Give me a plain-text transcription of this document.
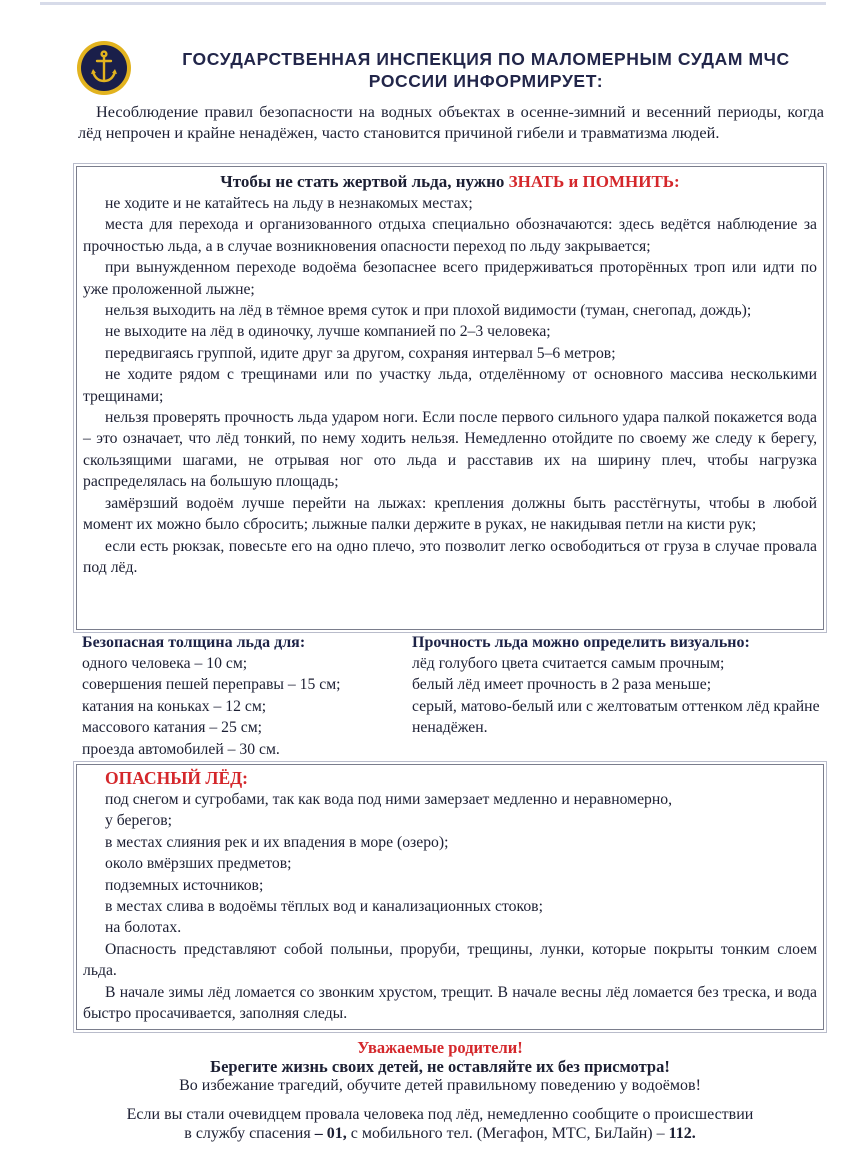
ГОСУДАРСТВЕННАЯ ИНСПЕКЦИЯ ПО МАЛОМЕРНЫМ СУДАМ МЧС
РОССИИ ИНФОРМИРУЕТ:

Несоблюдение правил безопасности на водных объектах в осенне-зимний и весенний периоды, когда лёд непрочен и крайне ненадёжен, часто становится причиной гибели и травматизма людей.

Чтобы не стать жертвой льда, нужно ЗНАТЬ и ПОМНИТЬ:

не ходите и не катайтесь на льду в незнакомых местах;

места для перехода и организованного отдыха специально обозначаются: здесь ведётся наблюдение за прочностью льда, а в случае возникновения опасности переход по льду закрывается;

при вынужденном переходе водоёма безопаснее всего придерживаться протоpённых троп или идти по уже проложенной лыжне;

нельзя выходить на лёд в тёмное время суток и при плохой видимости (туман, снегопад, дождь);

не выходите на лёд в одиночку, лучше компанией по 2–3 человека;

передвигаясь группой, идите друг за другом, сохраняя интервал 5–6 метров;

не ходите рядом с трещинами или по участку льда, отделённому от основного массива несколькими трещинами;

нельзя проверять прочность льда ударом ноги. Если после первого сильного удара палкой покажется вода – это означает, что лёд тонкий, по нему ходить нельзя. Немедленно отойдите по своему же следу к берегу, скользящими шагами, не отрывая ног ото льда и расставив их на ширину плеч, чтобы нагрузка распределялась на большую площадь;

замёрзший водоём лучше перейти на лыжах: крепления должны быть расстёгнуты, чтобы в любой момент их можно было сбросить; лыжные палки держите в руках, не накидывая петли на кисти рук;

если есть рюкзак, повесьте его на одно плечо, это позволит легко освободиться от груза в случае провала под лёд.

Безопасная толщина льда для:

одного человека – 10 см;

совершения пешей переправы – 15 см;

катания на коньках – 12 см;

массового катания – 25 см;

проезда автомобилей – 30 см.

Прочность льда можно определить визуально:

лёд голубого цвета считается самым прочным;

белый лёд имеет прочность в 2 раза меньше;

серый, матово-белый или с желтоватым оттенком лёд крайне ненадёжен.

ОПАСНЫЙ ЛЁД:

под снегом и сугробами, так как вода под ними замерзает медленно и неравномерно,

у берегов;

в местах слияния рек и их впадения в море (озеро);

около вмёрзших предметов;

подземных источников;

в местах слива в водоёмы тёплых вод и канализационных стоков;

на болотах.

Опасность представляют собой полыньи, проруби, трещины, лунки, которые покрыты тонким слоем льда.

В начале зимы лёд ломается со звонким хрустом, трещит. В начале весны лёд ломается без треска, и вода быстро просачивается, заполняя следы.

Уважаемые родители!

Берегите жизнь своих детей, не оставляйте их без присмотра!

Во избежание трагедий, обучите детей правильному поведению у водоёмов!

Если вы стали очевидцем провала человека под лёд, немедленно сообщите о происшествии
в службу спасения – 01, с мобильного тел. (Мегафон, МТС, БиЛайн) – 112.
